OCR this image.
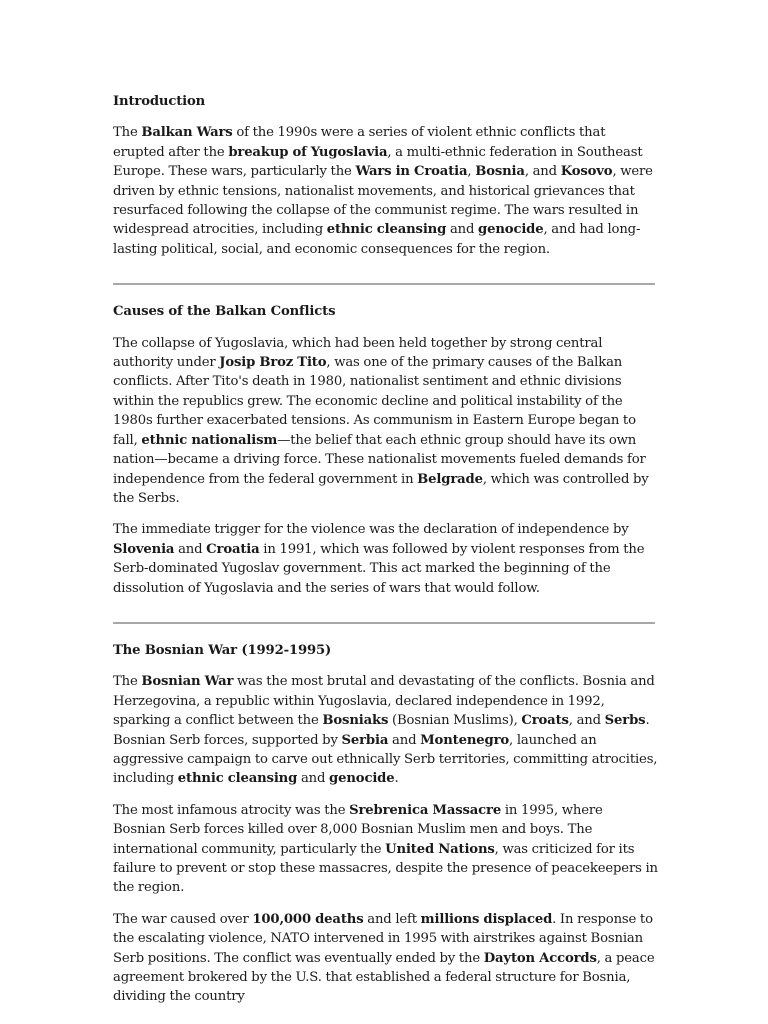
Introduction

The Balkan Wars of the 1990s were a series of violent ethnic conflicts that erupted after the breakup of Yugoslavia, a multi-ethnic federation in Southeast Europe. These wars, particularly the Wars in Croatia, Bosnia, and Kosovo, were driven by ethnic tensions, nationalist movements, and historical grievances that resurfaced following the collapse of the communist regime. The wars resulted in widespread atrocities, including ethnic cleansing and genocide, and had long-lasting political, social, and economic consequences for the region.

Causes of the Balkan Conflicts

The collapse of Yugoslavia, which had been held together by strong central authority under Josip Broz Tito, was one of the primary causes of the Balkan conflicts. After Tito's death in 1980, nationalist sentiment and ethnic divisions within the republics grew. The economic decline and political instability of the 1980s further exacerbated tensions. As communism in Eastern Europe began to fall, ethnic nationalism—the belief that each ethnic group should have its own nation—became a driving force. These nationalist movements fueled demands for independence from the federal government in Belgrade, which was controlled by the Serbs.

The immediate trigger for the violence was the declaration of independence by Slovenia and Croatia in 1991, which was followed by violent responses from the Serb-dominated Yugoslav government. This act marked the beginning of the dissolution of Yugoslavia and the series of wars that would follow.

The Bosnian War (1992-1995)

The Bosnian War was the most brutal and devastating of the conflicts. Bosnia and Herzegovina, a republic within Yugoslavia, declared independence in 1992, sparking a conflict between the Bosniaks (Bosnian Muslims), Croats, and Serbs. Bosnian Serb forces, supported by Serbia and Montenegro, launched an aggressive campaign to carve out ethnically Serb territories, committing atrocities, including ethnic cleansing and genocide.

The most infamous atrocity was the Srebrenica Massacre in 1995, where Bosnian Serb forces killed over 8,000 Bosnian Muslim men and boys. The international community, particularly the United Nations, was criticized for its failure to prevent or stop these massacres, despite the presence of peacekeepers in the region.

The war caused over 100,000 deaths and left millions displaced. In response to the escalating violence, NATO intervened in 1995 with airstrikes against Bosnian Serb positions. The conflict was eventually ended by the Dayton Accords, a peace agreement brokered by the U.S. that established a federal structure for Bosnia, dividing the country
